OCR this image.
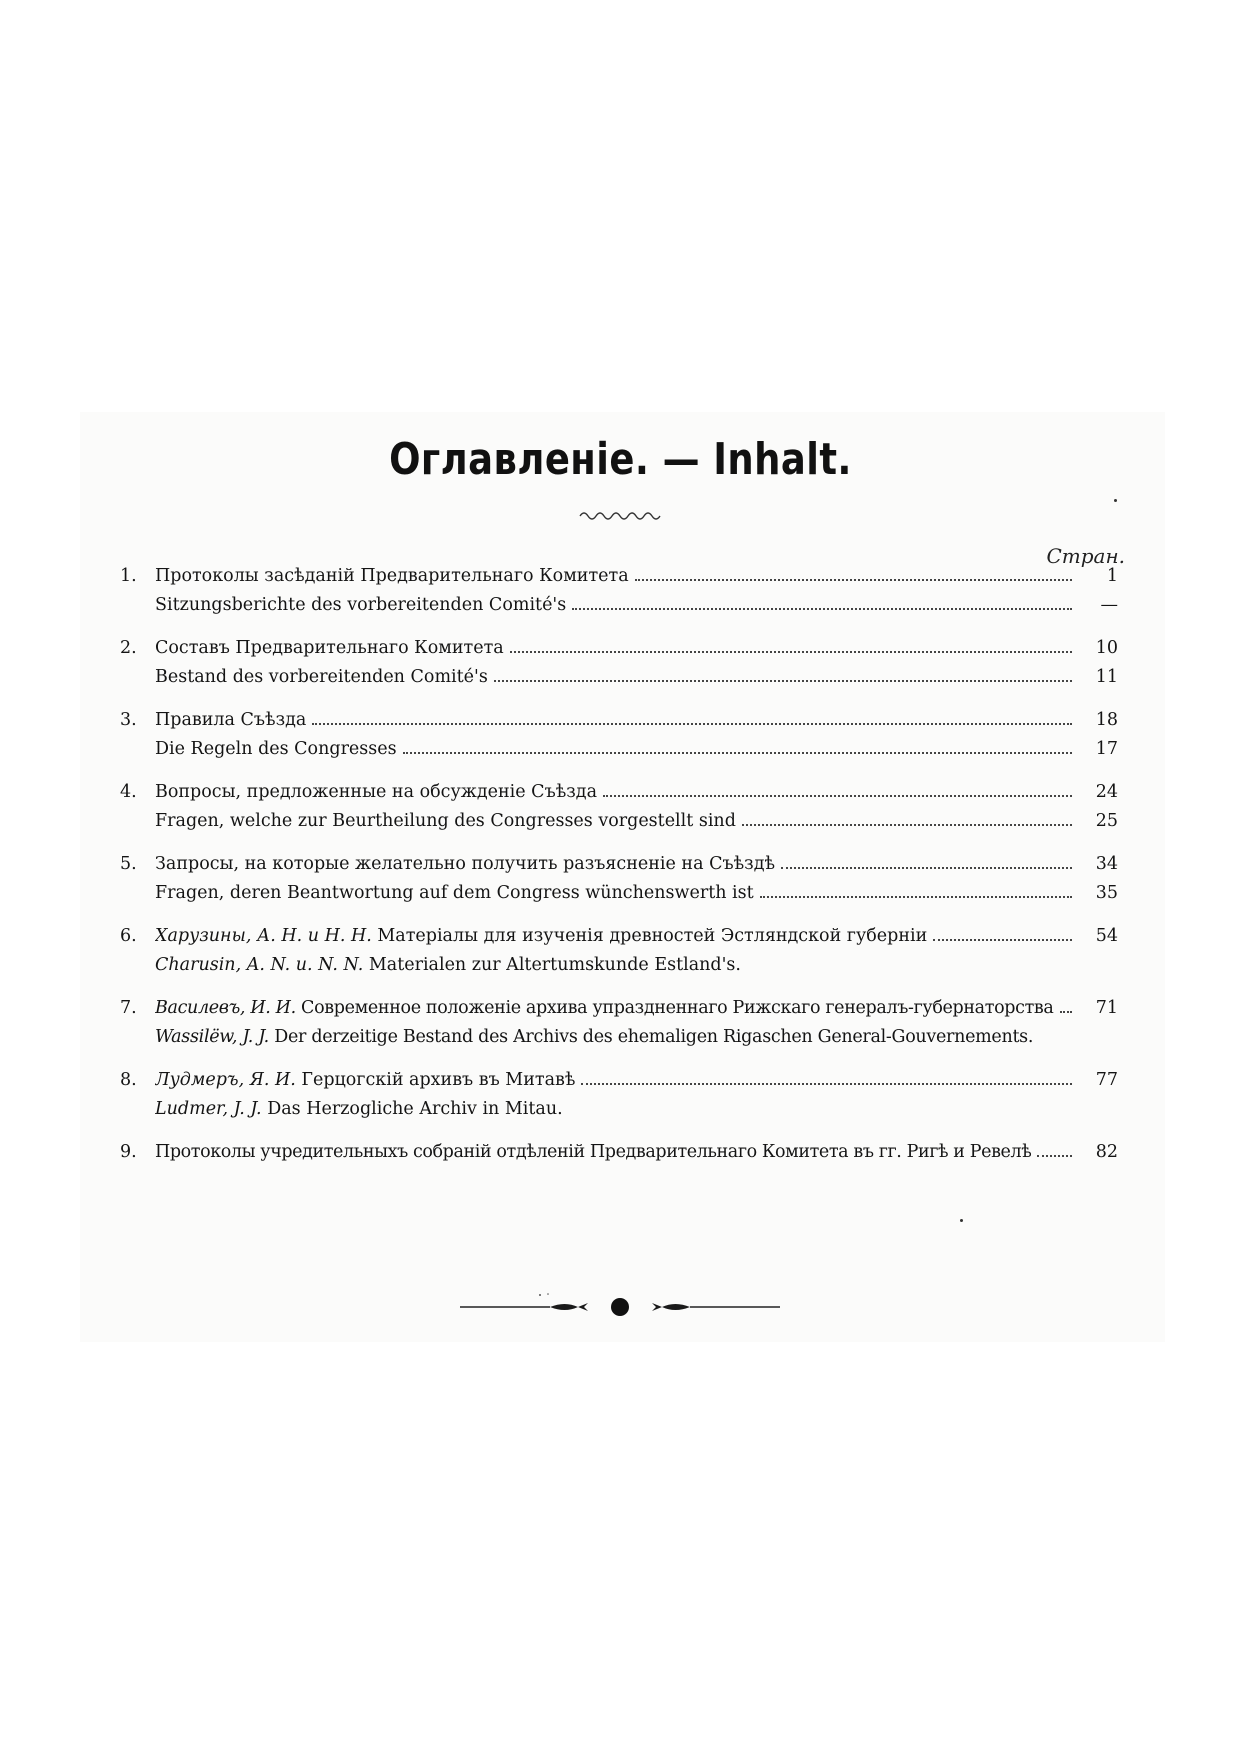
Оглавленіе. — Inhalt.
Стран.
1.	Протоколы засѣданій Предварительнаго Комитета	1
Sitzungsberichte des vorbereitenden Comité's	—
2.	Составъ Предварительнаго Комитета	10
Bestand des vorbereitenden Comité's	11
3.	Правила Съѣзда	18
Die Regeln des Congresses	17
4.	Вопросы, предложенные на обсужденіе Съѣзда	24
Fragen, welche zur Beurtheilung des Congresses vorgestellt sind	25
5.	Запросы, на которые желательно получить разъясненіе на Съѣздѣ	34
Fragen, deren Beantwortung auf dem Congress wünchenswerth ist	35
6.	Харузины, А. Н. и Н. Н. Матеріалы для изученія древностей Эстляндской губерніи	54
Charusin, A. N. u. N. N. Materialen zur Altertumskunde Estland's.
7.	Василевъ, И. И. Современное положеніе архива упраздненнаго Рижскаго генералъ-губернаторства	71
Wassilëw, J. J. Der derzeitige Bestand des Archivs des ehemaligen Rigaschen General-Gouvernements.
8.	Лудмеръ, Я. И. Герцогскій архивъ въ Митавѣ	77
Ludmer, J. J. Das Herzogliche Archiv in Mitau.
9.	Протоколы учредительныхъ собраній отдѣленій Предварительнаго Комитета въ гг. Ригѣ и Ревелѣ	82
